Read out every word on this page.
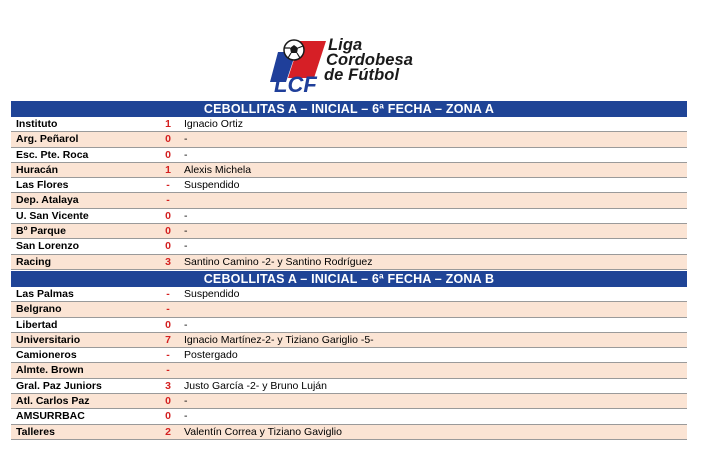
LCF
Liga
Cordobesa
de Fútbol
CEBOLLITAS A – INICIAL – 6ª FECHA – ZONA A
Instituto	1 Ignacio Ortiz
Arg. Peñarol	0 -
Esc. Pte. Roca	0 -
Huracán	1 Alexis Michela
Las Flores	-	Suspendido
Dep. Atalaya	-
U. San Vicente	0 -
Bº Parque	0 -
San Lorenzo	0 -
Racing	3 Santino Camino -2- y Santino Rodríguez
CEBOLLITAS A – INICIAL – 6ª FECHA – ZONA B
Las Palmas	-	Suspendido
Belgrano	-
Libertad	0 -
Universitario	7 Ignacio Martínez-2- y Tiziano Gariglio -5-
Camioneros	-	Postergado
Almte. Brown	-
Gral. Paz Juniors	3 Justo García -2- y Bruno Luján
Atl. Carlos Paz	0 -
AMSURRBAC	0 -
Talleres	2 Valentín Correa y Tiziano Gaviglio
